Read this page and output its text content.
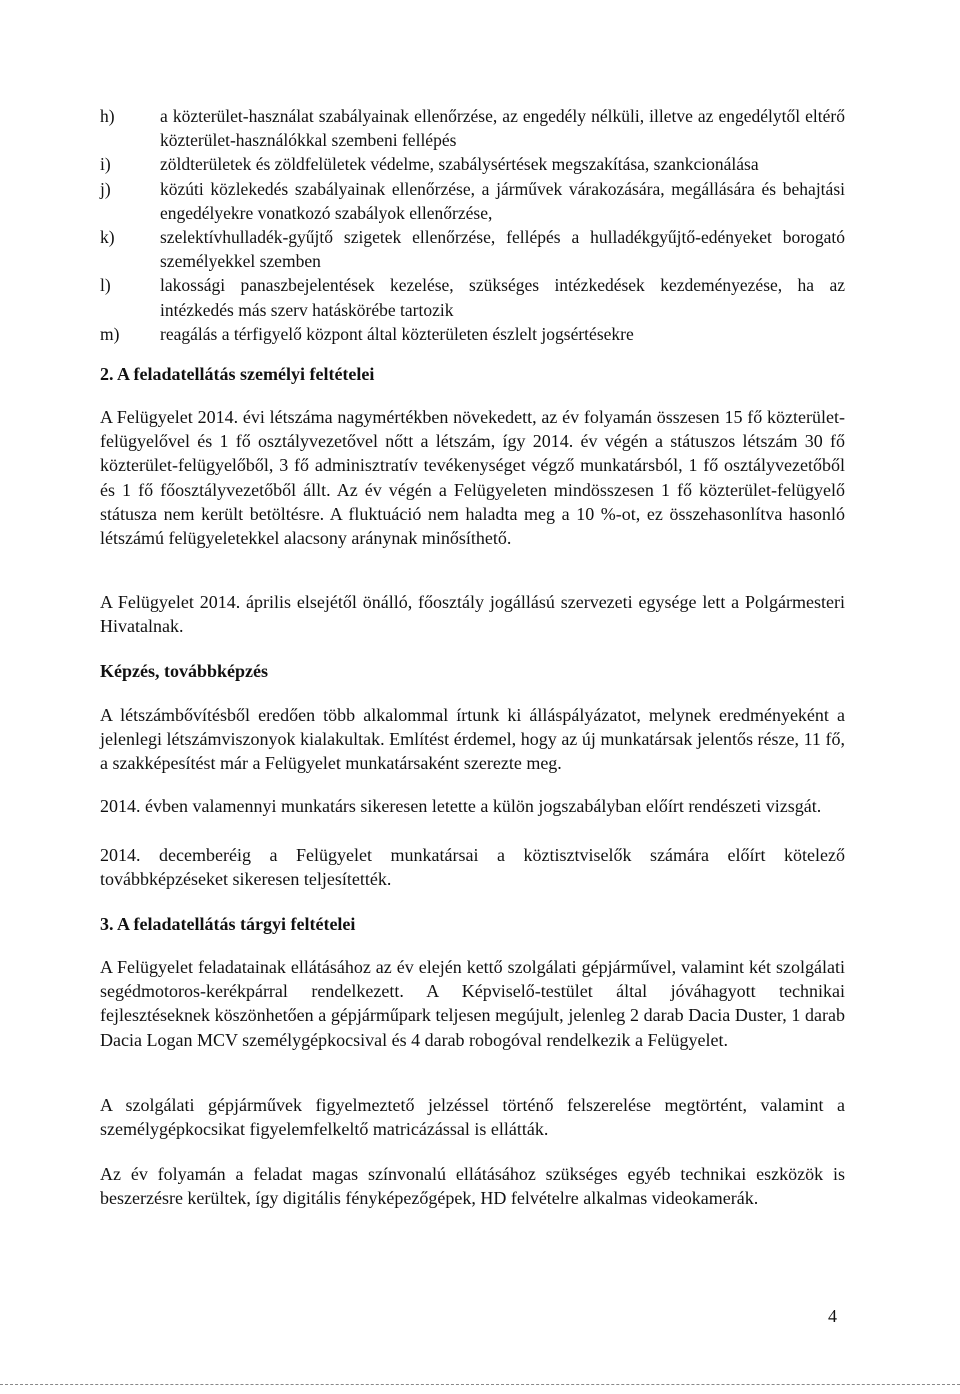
h)	a közterület-használat szabályainak ellenőrzése, az engedély nélküli, illetve az engedélytől eltérő közterület-használókkal szembeni fellépés
i)	zöldterületek és zöldfelületek védelme, szabálysértések megszakítása, szankcionálása
j)	közúti közlekedés szabályainak ellenőrzése, a járművek várakozására, megállására és behajtási engedélyekre vonatkozó szabályok ellenőrzése,
k)	szelektívhulladék-gyűjtő szigetek ellenőrzése, fellépés a hulladékgyűjtő-edényeket borogató személyekkel szemben
l)	lakossági panaszbejelentések kezelése, szükséges intézkedések kezdeményezése, ha az intézkedés más szerv hatáskörébe tartozik
m)	reagálás a térfigyelő központ által közterületen észlelt jogsértésekre
2. A feladatellátás személyi feltételei

A Felügyelet 2014. évi létszáma nagymértékben növekedett, az év folyamán összesen 15 fő közterület-felügyelővel és 1 fő osztályvezetővel nőtt a létszám, így 2014. év végén a státuszos létszám 30 fő közterület-felügyelőből, 3 fő adminisztratív tevékenységet végző munkatársból, 1 fő osztályvezetőből és 1 fő főosztályvezetőből állt. Az év végén a Felügyeleten mindösszesen 1 fő közterület-felügyelő státusza nem került betöltésre. A fluktuáció nem haladta meg a 10 %-ot, ez összehasonlítva hasonló létszámú felügyeletekkel alacsony aránynak minősíthető.

A Felügyelet 2014. április elsejétől önálló, főosztály jogállású szervezeti egysége lett a Polgármesteri Hivatalnak.

Képzés, továbbképzés

A létszámbővítésből eredően több alkalommal írtunk ki álláspályázatot, melynek eredményeként a jelenlegi létszámviszonyok kialakultak. Említést érdemel, hogy az új munkatársak jelentős része, 11 fő, a szakképesítést már a Felügyelet munkatársaként szerezte meg.

2014. évben valamennyi munkatárs sikeresen letette a külön jogszabályban előírt rendészeti vizsgát.

2014. decemberéig a Felügyelet munkatársai a köztisztviselők számára előírt kötelező továbbképzéseket sikeresen teljesítették.

3. A feladatellátás tárgyi feltételei

A Felügyelet feladatainak ellátásához az év elején kettő szolgálati gépjárművel, valamint két szolgálati segédmotoros-kerékpárral rendelkezett. A Képviselő-testület által jóváhagyott technikai fejlesztéseknek köszönhetően a gépjárműpark teljesen megújult, jelenleg 2 darab Dacia Duster, 1 darab Dacia Logan MCV személygépkocsival és 4 darab robogóval rendelkezik a Felügyelet.

A szolgálati gépjárművek figyelmeztető jelzéssel történő felszerelése megtörtént, valamint a személygépkocsikat figyelemfelkeltő matricázással is ellátták.

Az év folyamán a feladat magas színvonalú ellátásához szükséges egyéb technikai eszközök is beszerzésre kerültek, így digitális fényképezőgépek, HD felvételre alkalmas videokamerák.

4
